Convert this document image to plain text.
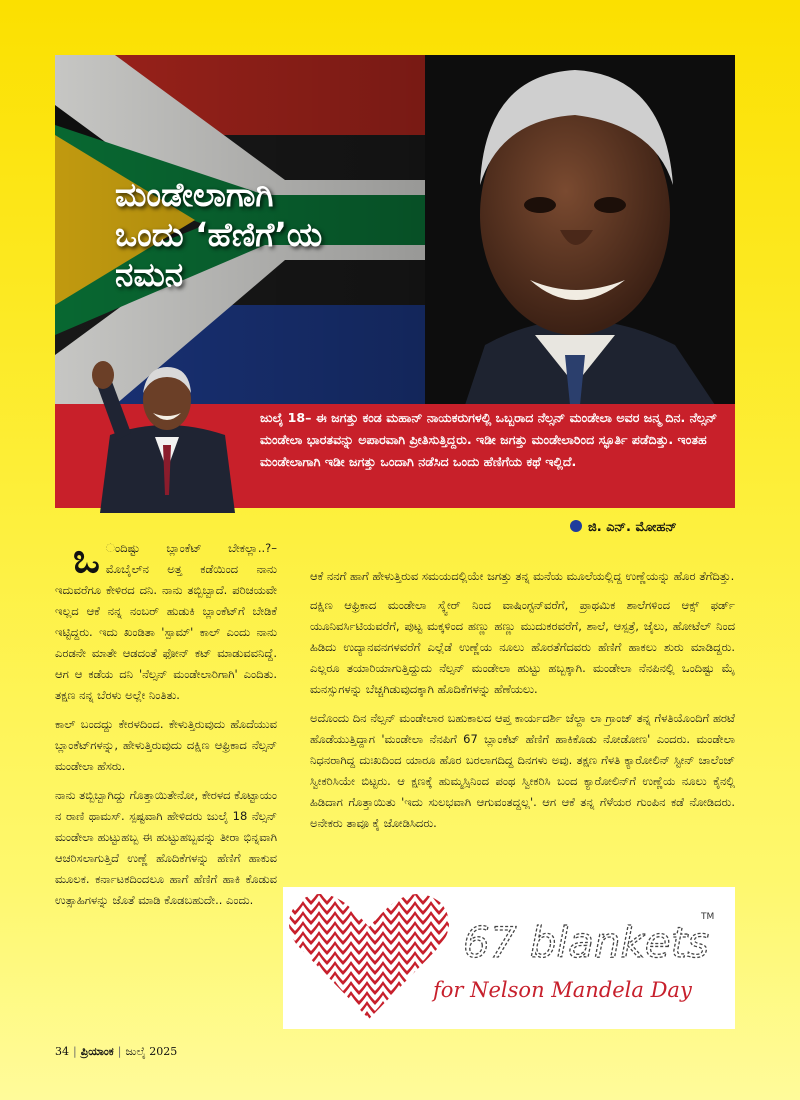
ಮಂಡೇಲಾಗಾಗಿ
ಒಂದು ‘ಹೆಣಿಗೆ’ಯ
ನಮನ
ಜುಲೈ 18– ಈ ಜಗತ್ತು ಕಂಡ ಮಹಾನ್ ನಾಯಕರುಗಳಲ್ಲಿ ಒಬ್ಬರಾದ ನೆಲ್ಸನ್ ಮಂಡೇಲಾ ಅವರ ಜನ್ಮ ದಿನ. ನೆಲ್ಸನ್ ಮಂಡೇಲಾ ಭಾರತವನ್ನು ಅಪಾರವಾಗಿ ಪ್ರೀತಿಸುತ್ತಿದ್ದರು. ಇಡೀ ಜಗತ್ತು ಮಂಡೇಲಾರಿಂದ ಸ್ಫೂರ್ತಿ ಪಡೆದಿತ್ತು. ಇಂತಹ ಮಂಡೇಲಾಗಾಗಿ ಇಡೀ ಜಗತ್ತು ಒಂದಾಗಿ ನಡೆಸಿದ ಒಂದು ಹೆಣಿಗೆಯ ಕಥೆ ಇಲ್ಲಿದೆ.
ಜಿ. ಎನ್. ಮೋಹನ್

ಒ ಂದಿಷ್ಟು ಬ್ಲಾಂಕೆಟ್ ಬೇಕಲ್ಲಾ..?– ಮೊಬೈಲ್‌ನ ಅತ್ತ ಕಡೆಯಿಂದ ನಾನು ಇದುವರೆಗೂ ಕೇಳಿರದ ದನಿ. ನಾನು ತಬ್ಬಿಬ್ಬಾದೆ. ಪರಿಚಯವೇ ಇಲ್ಲದ ಆಕೆ ನನ್ನ ನಂಬರ್ ಹುಡುಕಿ ಬ್ಲಾಂಕೆಟ್‌ಗೆ ಬೇಡಿಕೆ ಇಟ್ಟಿದ್ದರು. ಇದು ಖಂಡಿತಾ 'ಸ್ಪಾಮ್' ಕಾಲ್ ಎಂದು ನಾನು ಎರಡನೇ ಮಾತೇ ಆಡದಂತೆ ಫೋನ್ ಕಟ್ ಮಾಡುವವನಿದ್ದೆ. ಆಗ ಆ ಕಡೆಯ ದನಿ 'ನೆಲ್ಸನ್ ಮಂಡೇಲಾರಿಗಾಗಿ' ಎಂದಿತು. ತಕ್ಷಣ ನನ್ನ ಬೆರಳು ಅಲ್ಲೇ ನಿಂತಿತು.

ಕಾಲ್ ಬಂದದ್ದು ಕೇರಳದಿಂದ. ಕೇಳುತ್ತಿರುವುದು ಹೊದೆಯುವ ಬ್ಲಾಂಕೆಟ್‌ಗಳನ್ನು, ಹೇಳುತ್ತಿರುವುದು ದಕ್ಷಿಣ ಆಫ್ರಿಕಾದ ನೆಲ್ಸನ್ ಮಂಡೇಲಾ ಹೆಸರು.

ನಾನು ತಬ್ಬಿಬ್ಬಾಗಿದ್ದು ಗೊತ್ತಾಯಿತೇನೋ, ಕೇರಳದ ಕೊಟ್ಟಾಯಂ ನ ರಾಣಿ ಥಾಮಸ್. ಸ್ಪಷ್ಟವಾಗಿ ಹೇಳಿದರು ಜುಲೈ 18 ನೆಲ್ಸನ್ ಮಂಡೇಲಾ ಹುಟ್ಟುಹಬ್ಬ ಈ ಹುಟ್ಟುಹಬ್ಬವನ್ನು ತೀರಾ ಭಿನ್ನವಾಗಿ ಆಚರಿಸಲಾಗುತ್ತಿದೆ ಉಣ್ಣೆ ಹೊದಿಕೆಗಳನ್ನು ಹೆಣಿಗೆ ಹಾಕುವ ಮೂಲಕ. ಕರ್ನಾಟಕದಿಂದಲೂ ಹಾಗೆ ಹೆಣಿಗೆ ಹಾಕಿ ಕೊಡುವ ಉತ್ಸಾಹಿಗಳನ್ನು ಜೊತೆ ಮಾಡಿ ಕೊಡಬಹುದೇ.. ಎಂದು.

ಆಕೆ ನನಗೆ ಹಾಗೆ ಹೇಳುತ್ತಿರುವ ಸಮಯದಲ್ಲಿಯೇ ಜಗತ್ತು ತನ್ನ ಮನೆಯ ಮೂಲೆಯಲ್ಲಿದ್ದ ಉಣ್ಣೆಯನ್ನು ಹೊರ ತೆಗೆದಿತ್ತು.

ದಕ್ಷಿಣ ಆಫ್ರಿಕಾದ ಮಂಡೇಲಾ ಸ್ಕ್ವೇರ್ ನಿಂದ ವಾಷಿಂಗ್ಟನ್‌ವರೆಗೆ, ಪ್ರಾಥಮಿಕ ಶಾಲೆಗಳಿಂದ ಆಕ್ಸ್ ಫರ್ಡ್ ಯೂನಿವರ್ಸಿಟಿಯವರೆಗೆ, ಪುಟ್ಟ ಮಕ್ಕಳಿಂದ ಹಣ್ಣು ಹಣ್ಣು ಮುದುಕರವರೆಗೆ, ಶಾಲೆ, ಆಸ್ಪತ್ರೆ, ಜೈಲು, ಹೋಟೆಲ್ ನಿಂದ ಹಿಡಿದು ಉದ್ಯಾನವನಗಳವರೆಗೆ ಎಲ್ಲೆಡೆ ಉಣ್ಣೆಯ ನೂಲು ಹೊರತೆಗೆದವರು ಹೆಣಿಗೆ ಹಾಕಲು ಶುರು ಮಾಡಿದ್ದರು. ಎಲ್ಲರೂ ತಯಾರಿಯಾಗುತ್ತಿದ್ದುದು ನೆಲ್ಸನ್ ಮಂಡೇಲಾ ಹುಟ್ಟು ಹಬ್ಬಕ್ಕಾಗಿ. ಮಂಡೇಲಾ ನೆನಪಿನಲ್ಲಿ ಒಂದಿಷ್ಟು ಮೈ ಮನಸ್ಸುಗಳನ್ನು ಬೆಚ್ಚಗಿಡುವುದಕ್ಕಾಗಿ ಹೊದಿಕೆಗಳನ್ನು ಹೆಣೆಯಲು.

ಅದೊಂದು ದಿನ ನೆಲ್ಸನ್ ಮಂಡೇಲಾರ ಬಹುಕಾಲದ ಆಪ್ತ ಕಾರ್ಯದರ್ಶಿ ಜೆಲ್ದಾ ಲಾ ಗ್ರಾಂಜ್ ತನ್ನ ಗೆಳತಿಯೊಂದಿಗೆ ಹರಟೆ ಹೊಡೆಯುತ್ತಿದ್ದಾಗ 'ಮಂಡೇಲಾ ನೆನಪಿಗೆ 67 ಬ್ಲಾಂಕೆಟ್ ಹೆಣಿಗೆ ಹಾಕಿಕೊಡು ನೋಡೋಣ' ಎಂದರು. ಮಂಡೇಲಾ ನಿಧನರಾಗಿದ್ದ ದುಃಖದಿಂದ ಯಾರೂ ಹೊರ ಬರಲಾಗದಿದ್ದ ದಿನಗಳು ಅವು. ತಕ್ಷಣ ಗೆಳತಿ ಕ್ಯಾರೋಲಿನ್ ಸ್ಟೀನ್ ಚಾಲೆಂಜ್ ಸ್ವೀಕರಿಸಿಯೇ ಬಿಟ್ಟರು. ಆ ಕ್ಷಣಕ್ಕೆ ಹುಮ್ಮಸ್ಸಿನಿಂದ ಪಂಥ ಸ್ವೀಕರಿಸಿ ಬಂದ ಕ್ಯಾರೋಲಿನ್‌ಗೆ ಉಣ್ಣೆಯ ನೂಲು ಕೈನಲ್ಲಿ ಹಿಡಿದಾಗ ಗೊತ್ತಾಯಿತು 'ಇದು ಸುಲಭವಾಗಿ ಆಗುವಂತದ್ದಲ್ಲ'. ಆಗ ಆಕೆ ತನ್ನ ಗೆಳೆಯರ ಗುಂಪಿನ ಕಡೆ ನೋಡಿದರು. ಅನೇಕರು ತಾವೂ ಕೈ ಜೋಡಿಸಿದರು.

67 blankets
TM
for Nelson Mandela Day
34 | ಪ್ರಿಯಾಂಕ | ಜುಲೈ 2025
